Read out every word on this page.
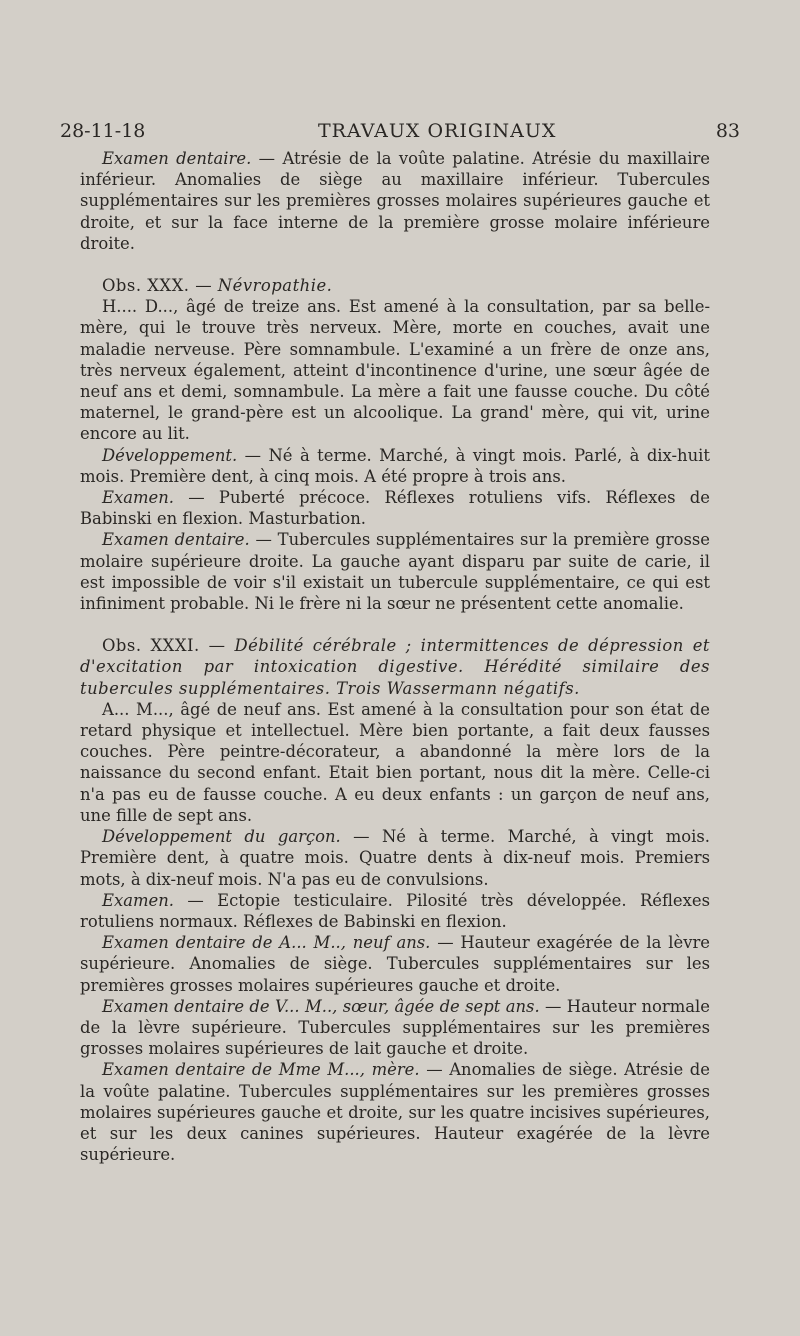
28-11-18	TRAVAUX ORIGINAUX	83

Examen dentaire. — Atrésie de la voûte palatine. Atrésie du maxillaire inférieur. Anomalies de siège au maxillaire inférieur. Tubercules supplémentaires sur les premières grosses molaires supérieures gauche et droite, et sur la face interne de la première grosse molaire inférieure droite.

Obs. XXX. — Névropathie.

H.... D..., âgé de treize ans. Est amené à la consultation, par sa belle-mère, qui le trouve très nerveux. Mère, morte en couches, avait une maladie nerveuse. Père somnambule. L'examiné a un frère de onze ans, très nerveux également, atteint d'incontinence d'urine, une sœur âgée de neuf ans et demi, somnambule. La mère a fait une fausse couche. Du côté maternel, le grand-père est un alcoolique. La grand' mère, qui vit, urine encore au lit.

Développement. — Né à terme. Marché, à vingt mois. Parlé, à dix-huit mois. Première dent, à cinq mois. A été propre à trois ans.

Examen. — Puberté précoce. Réflexes rotuliens vifs. Réflexes de Babinski en flexion. Masturbation.

Examen dentaire. — Tubercules supplémentaires sur la première grosse molaire supérieure droite. La gauche ayant disparu par suite de carie, il est impossible de voir s'il existait un tubercule supplémentaire, ce qui est infiniment probable. Ni le frère ni la sœur ne présentent cette anomalie.

Obs. XXXI. — Débilité cérébrale ; intermittences de dépression et d'excitation par intoxication digestive. Hérédité similaire des tubercules supplémentaires. Trois Wassermann négatifs.

A... M..., âgé de neuf ans. Est amené à la consultation pour son état de retard physique et intellectuel. Mère bien portante, a fait deux fausses couches. Père peintre-décorateur, a abandonné la mère lors de la naissance du second enfant. Etait bien portant, nous dit la mère. Celle-ci n'a pas eu de fausse couche. A eu deux enfants : un garçon de neuf ans, une fille de sept ans.

Développement du garçon. — Né à terme. Marché, à vingt mois. Première dent, à quatre mois. Quatre dents à dix-neuf mois. Premiers mots, à dix-neuf mois. N'a pas eu de convulsions.

Examen. — Ectopie testiculaire. Pilosité très développée. Réflexes rotuliens normaux. Réflexes de Babinski en flexion.

Examen dentaire de A... M.., neuf ans. — Hauteur exagérée de la lèvre supérieure. Anomalies de siège. Tubercules supplémentaires sur les premières grosses molaires supérieures gauche et droite.

Examen dentaire de V... M.., sœur, âgée de sept ans. — Hauteur normale de la lèvre supérieure. Tubercules supplémentaires sur les premières grosses molaires supérieures de lait gauche et droite.

Examen dentaire de Mme M..., mère. — Anomalies de siège. Atrésie de la voûte palatine. Tubercules supplémentaires sur les premières grosses molaires supérieures gauche et droite, sur les quatre incisives supérieures, et sur les deux canines supérieures. Hauteur exagérée de la lèvre supérieure.
